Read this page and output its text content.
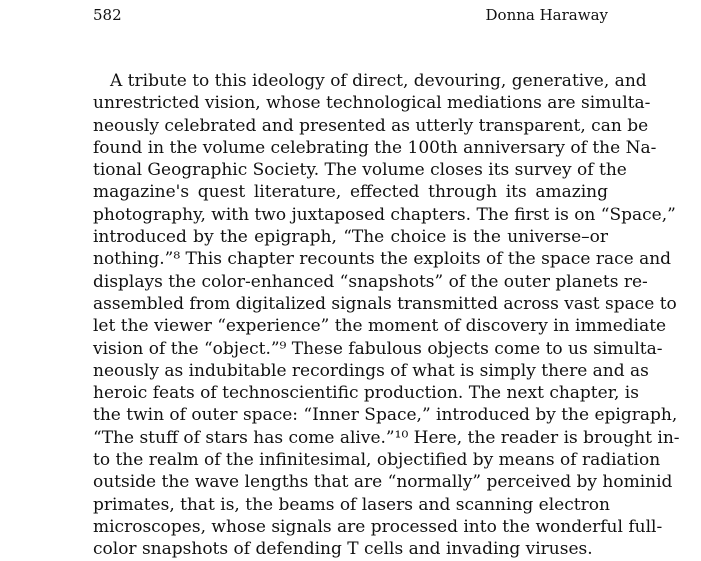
582	Donna Haraway
A tribute to this ideology of direct, devouring, generative, and
unrestricted vision, whose technological mediations are simulta-
neously celebrated and presented as utterly transparent, can be
found in the volume celebrating the 100th anniversary of the Na-
tional Geographic Society. The volume closes its survey of the
magazine's quest literature, effected through its amazing
photography, with two juxtaposed chapters. The first is on “Space,”
introduced by the epigraph, “The choice is the universe–or
nothing.”⁸ This chapter recounts the exploits of the space race and
displays the color-enhanced “snapshots” of the outer planets re-
assembled from digitalized signals transmitted across vast space to
let the viewer “experience” the moment of discovery in immediate
vision of the “object.”⁹ These fabulous objects come to us simulta-
neously as indubitable recordings of what is simply there and as
heroic feats of technoscientific production. The next chapter, is
the twin of outer space: “Inner Space,” introduced by the epigraph,
“The stuff of stars has come alive.”¹⁰ Here, the reader is brought in-
to the realm of the infinitesimal, objectified by means of radiation
outside the wave lengths that are “normally” perceived by hominid
primates, that is, the beams of lasers and scanning electron
microscopes, whose signals are processed into the wonderful full-
color snapshots of defending T cells and invading viruses.
